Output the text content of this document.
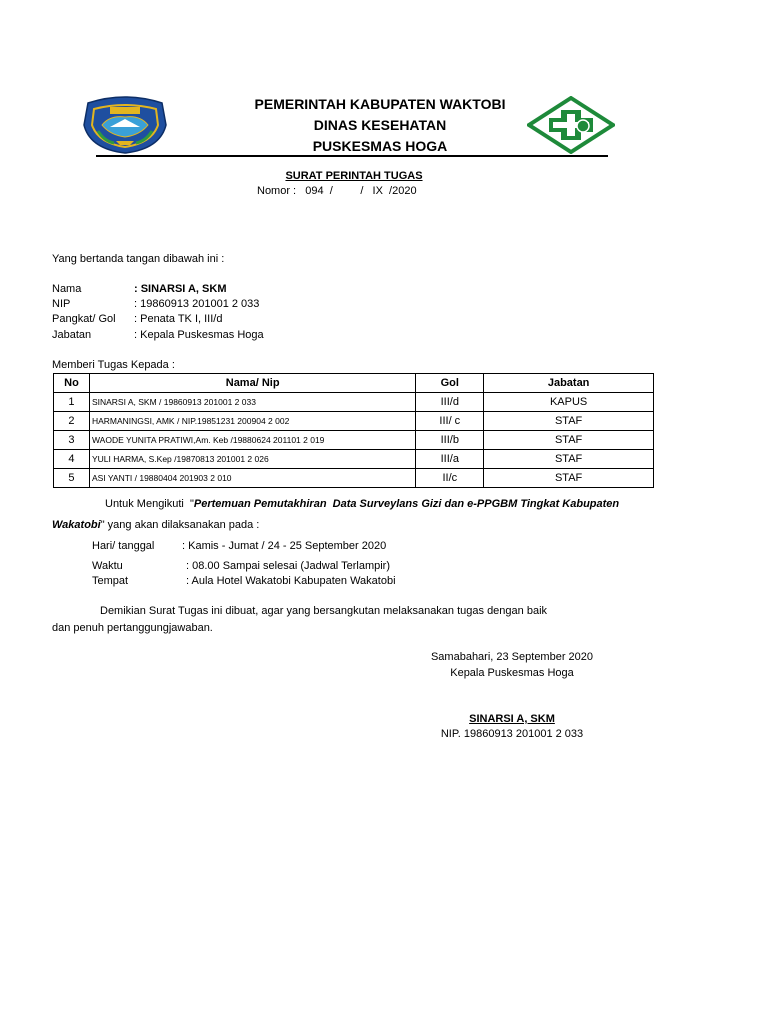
PEMERINTAH KABUPATEN WAKTOBI
DINAS KESEHATAN
PUSKESMAS HOGA
SURAT PERINTAH TUGAS
Nomor :   094  /         /   IX  /2020
Yang bertanda tangan dibawah ini :
Nama	: SINARSI A, SKM
NIP	: 19860913 201001 2 033
Pangkat/ Gol : Penata TK I, III/d
Jabatan	: Kepala Puskesmas Hoga
Memberi Tugas Kepada :
No	Nama/ Nip	Gol	Jabatan
1	SINARSI A, SKM / 19860913 201001 2 033	III/d	KAPUS
2	HARMANINGSI, AMK / NIP.19851231 200904 2 002	III/ c	STAF
3	WAODE YUNITA PRATIWI,Am. Keb /19880624 201101 2 019	III/b	STAF
4	YULI HARMA, S.Kep /19870813 201001 2 026	III/a	STAF
5	ASI YANTI / 19880404 201903 2 010	II/c	STAF
Untuk Mengikuti  "Pertemuan Pemutakhiran  Data Surveylans Gizi dan e-PPGBM Tingkat Kabupaten
Wakatobi" yang akan dilaksanakan pada :
Hari/ tanggal	: Kamis - Jumat / 24 - 25 September 2020
Waktu	: 08.00 Sampai selesai (Jadwal Terlampir)
Tempat	: Aula Hotel Wakatobi Kabupaten Wakatobi
Demikian Surat Tugas ini dibuat, agar yang bersangkutan melaksanakan tugas dengan baik
dan penuh pertanggungjawaban.
Samabahari, 23 September 2020
Kepala Puskesmas Hoga
SINARSI A, SKM
NIP. 19860913 201001 2 033
